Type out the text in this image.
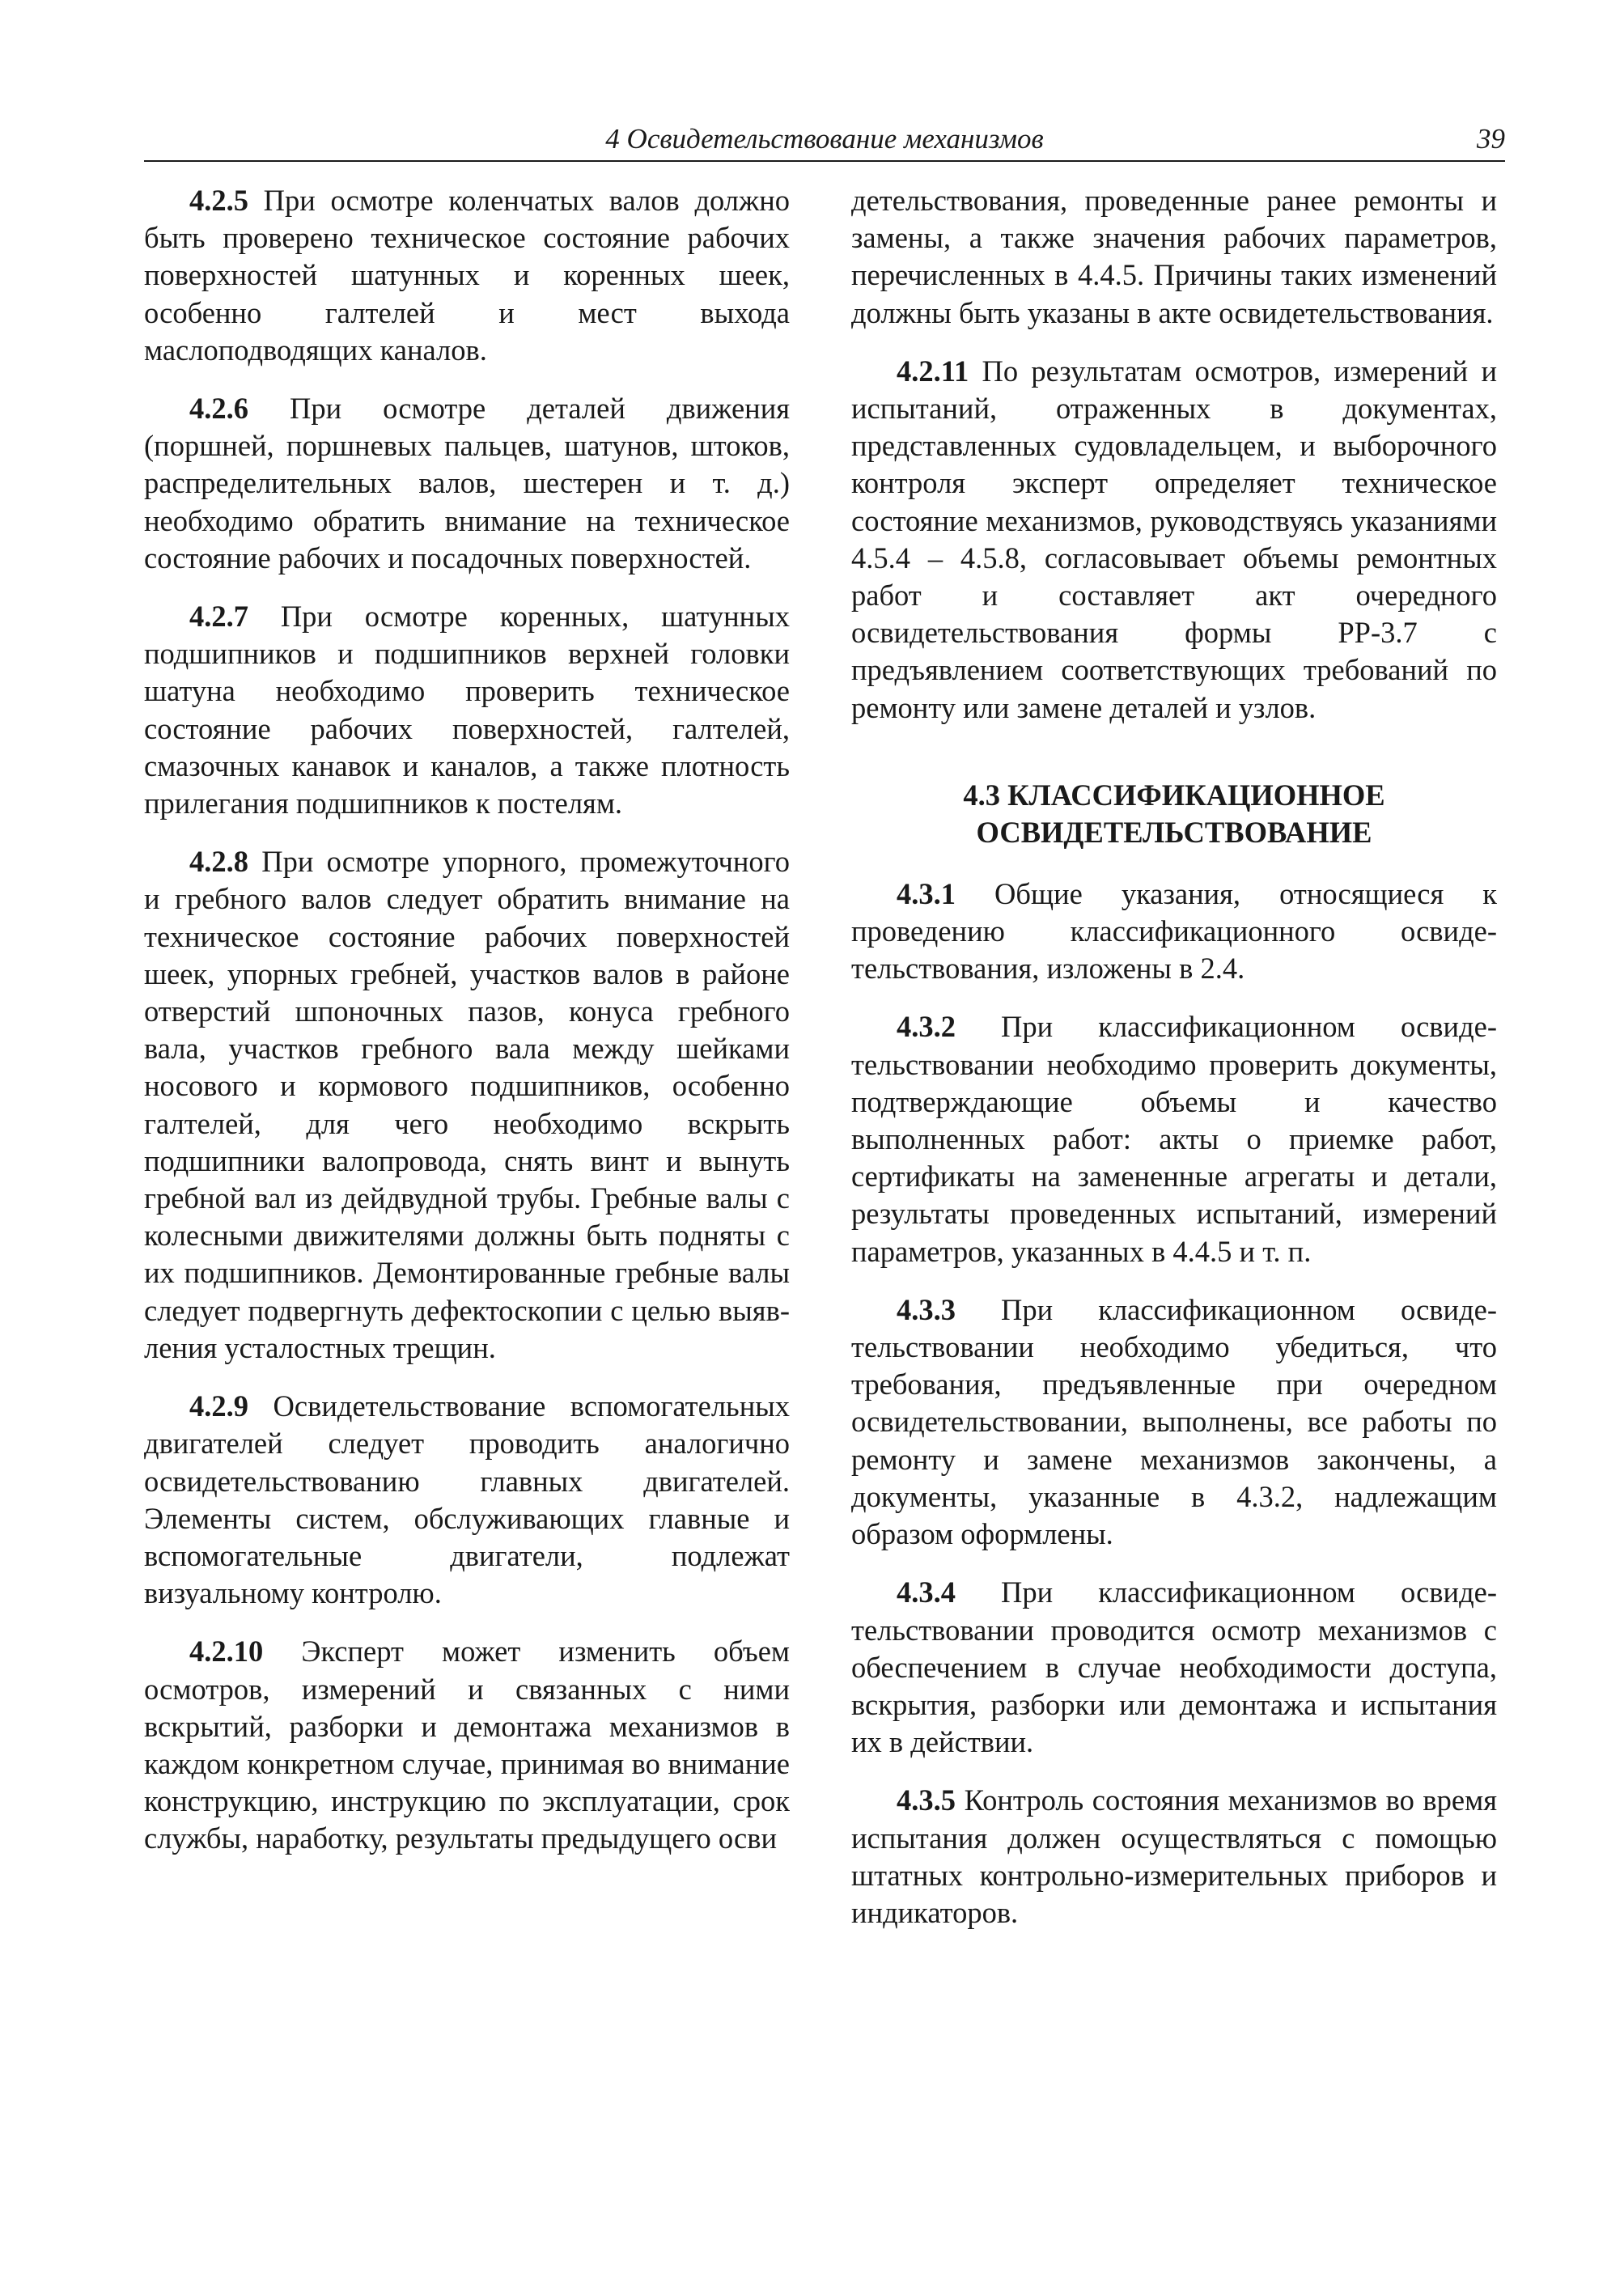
4 Освидетельствование механизмов	39

4.2.5 При осмотре коленчатых валов должно быть проверено техническое состояние рабочих поверхностей шатунных и коренных шеек, особенно галтелей и мест выхода маслоподводящих каналов.

4.2.6 При осмотре деталей движения (поршней, поршневых пальцев, шатунов, штоков, распределительных валов, шестерен и т. д.) необходимо обратить внимание на техническое состояние рабочих и посадочных поверхностей.

4.2.7 При осмотре коренных, шатунных подшипников и подшипников верхней головки шатуна необходимо проверить техническое состояние рабочих поверхностей, галтелей, смазочных канавок и каналов, а также плотность прилегания подшипников к постелям.

4.2.8 При осмотре упорного, промежуточного и гребного валов следует обратить внимание на техническое состояние рабочих поверхностей шеек, упорных гребней, участков валов в районе отверстий шпоночных пазов, конуса гребного вала, участков гребного вала между шейками носового и кормового подшипников, особенно галтелей, для чего необходимо вскрыть подшипники валопровода, снять винт и вынуть гребной вал из дейдвудной трубы. Гребные валы с колесными движителями должны быть подняты с их подшипников. Демонтированные гребные валы следует подвергнуть дефектоскопии с целью выявления усталостных трещин.

4.2.9 Освидетельствование вспомогательных двигателей следует проводить аналогично освидетельствованию главных двигателей. Элементы систем, обслуживающих главные и вспомогательные двигатели, подлежат визуальному контролю.

4.2.10 Эксперт может изменить объем осмотров, измерений и связанных с ними вскрытий, разборки и демонтажа механизмов в каждом конкретном случае, принимая во внимание конструкцию, инструкцию по эксплуатации, срок службы, наработку, результаты предыдущего осви

детельствования, проведенные ранее ремонты и замены, а также значения рабочих параметров, перечисленных в 4.4.5. Причины таких изменений должны быть указаны в акте освидетельствования.

4.2.11 По результатам осмотров, измерений и испытаний, отраженных в документах, представленных судовладельцем, и выборочного контроля эксперт определяет техническое состояние механизмов, руководствуясь указаниями 4.5.4 – 4.5.8, согласовывает объемы ремонтных работ и составляет акт очередного освидетельствования формы РР-3.7 с предъявлением соответствующих требований по ремонту или замене деталей и узлов.

4.3 КЛАССИФИКАЦИОННОЕ
ОСВИДЕТЕЛЬСТВОВАНИЕ

4.3.1 Общие указания, относящиеся к проведению классификационного освидетельствования, изложены в 2.4.

4.3.2 При классификационном освидетельствовании необходимо проверить документы, подтверждающие объемы и качество выполненных работ: акты о приемке работ, сертификаты на замененные агрегаты и детали, результаты проведенных испытаний, измерений параметров, указанных в 4.4.5 и т. п.

4.3.3 При классификационном освидетельствовании необходимо убедиться, что требования, предъявленные при очередном освидетельствовании, выполнены, все работы по ремонту и замене механизмов закончены, а документы, указанные в 4.3.2, надлежащим образом оформлены.

4.3.4 При классификационном освидетельствовании проводится осмотр механизмов с обеспечением в случае необходимости доступа, вскрытия, разборки или демонтажа и испытания их в действии.

4.3.5 Контроль состояния механизмов во время испытания должен осуществляться с помощью штатных контрольно-измерительных приборов и индикаторов.
